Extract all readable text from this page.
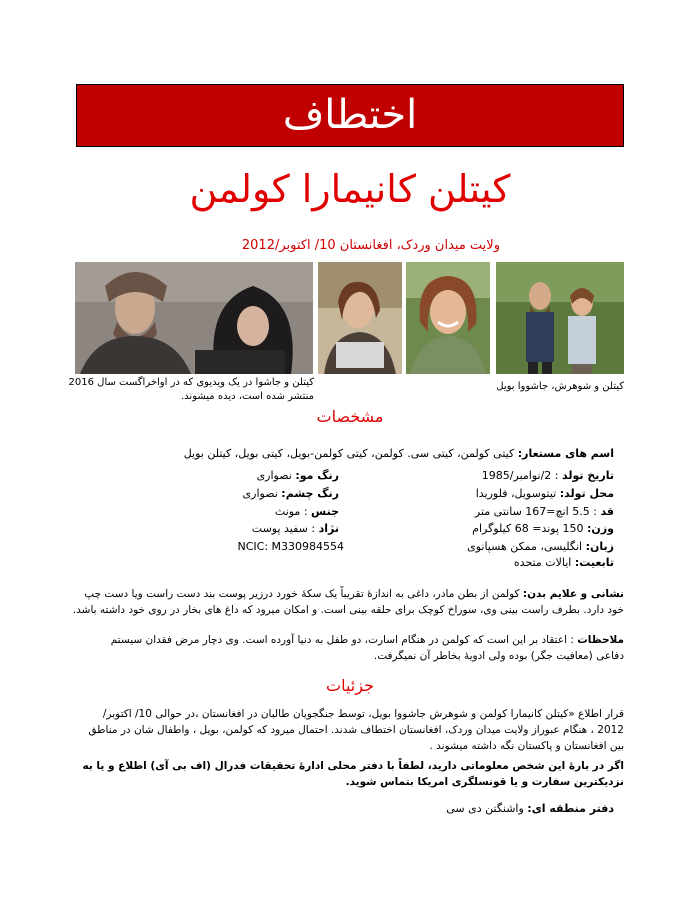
اختطاف
کیتلن کانیمارا کولمن
ولایت میدان وردک، افغانستان 10/ اکتوبر/2012
کیتلن و جاشوا در یک ویدیوی که در اواخراگست سال 2016 منتشر شده است، دیده میشوند.
کیتلن و شوهرش، جاشووا بویل
مشخصات
اسم های مستعار: کیتی کولمن، کیتی سی. کولمن، کیتی کولمن-بویل، کیتی بویل، کیتلن بویل
تاریخ تولد : 2/نوامبر/1985
محل تولد: تیتوسویل، فلوریدا
قد : 5.5 انچ=167 سانتی متر
وزن: 150 پوند= 68 کیلوگرام
زبان: انگلیسی، ممکن هسپانوی
تابعیت: ایالات متحده
رنگ مو: نصواری
رنگ چشم: نصواری
جنس : مونث
نژاد : سفید پوست
NCIC: M330984554
نشانی و علایم بدن: کولمن از بطن مادر، داغی به اندازهٔ تقریباً یک سکهٔ خورد درزیر پوست بند دست راست ویا دست چپ خود دارد. بطرف راست بینی وی، سوراخ کوچک برای حلقه بینی است. و امکان میرود که داغ های بخار در روی خود داشته باشد.
ملاحظات : اعتقاد بر این است که کولمن در هنگام اسارت، دو طفل به دنیا آورده است. وی دچار مرض فقدان سیستم دفاعی (معافیت جگر) بوده ولی ادویهٔ بخاطر آن نمیگرفت.
جزئیات
قرار اطلاع «کیتلن کانیمارا کولمن و شوهرش جاشووا بویل، توسط جنگجویان طالبان در افغانستان ،در حوالی 10/ اکتوبر/ 2012 ، هنگام عبوراز ولایت میدان وردک، افغانستان اختطاف شدند. احتمال میرود که کولمن، بویل ، واطفال شان در مناطق بین افغانستان و پاکستان نگه داشته میشوند .
اگر در بارهٔ این شخص معلوماتی دارید، لطفاً با دفتر محلی ادارهٔ تحقیقات فدرال (اف بی آی) اطلاع و یا به نزدیکترین سفارت و یا قونسلگری امریکا بتماس شوید.
دفتر منطقه ای: واشنگتن دی سی
